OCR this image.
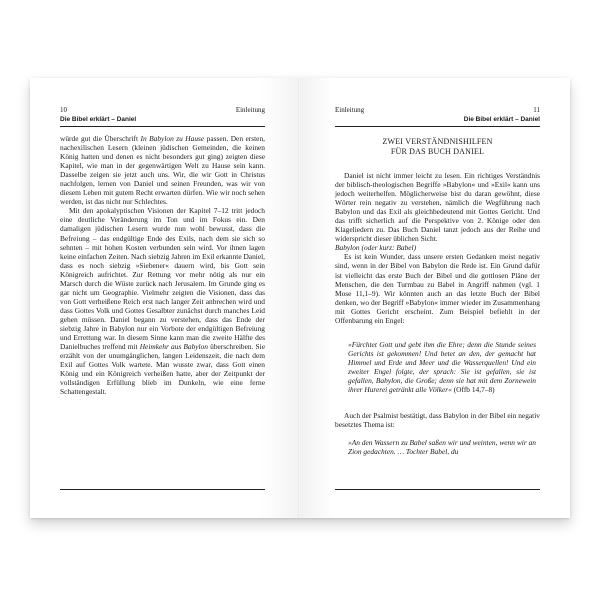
10	Einleitung
Die Bibel erklärt – Daniel

würde gut die Überschrift In Babylon zu Hause passen. Den ersten, nachexilischen Lesern (kleinen jüdischen Gemeinden, die keinen König hatten und denen es nicht besonders gut ging) zeigten diese Kapitel, wie man in der gegenwärtigen Welt zu Hause sein kann. Dasselbe zeigen sie jetzt auch uns. Wir, die wir Gott in Christus nachfolgen, lernen von Daniel und seinen Freunden, was wir von diesem Leben mit gutem Recht erwarten dürfen. Wie wir noch sehen werden, ist das nicht nur Schlechtes.

Mit den apokalyptischen Visionen der Kapitel 7–12 tritt jedoch eine deutliche Veränderung im Ton und im Fokus ein. Den damaligen jüdischen Lesern wurde nun wohl bewusst, dass die Befreiung – das endgültige Ende des Exils, nach dem sie sich so sehnten – mit hohen Kosten verbunden sein wird. Vor ihnen lagen keine einfachen Zeiten. Nach siebzig Jahren im Exil erkannte Daniel, dass es noch siebzig »Siebener« dauern wird, bis Gott sein Königreich aufrichtet. Zur Rettung vor mehr nötig als nur ein Marsch durch die Wüste zurück nach Jerusalem. Im Grunde ging es gar nicht um Geographie. Vielmehr zeigten die Visionen, dass das von Gott verheißene Reich erst nach langer Zeit anbrechen wird und dass Gottes Volk und Gottes Gesalbter zunächst durch manches Leid gehen müssen. Daniel begann zu verstehen, dass das Ende der siebzig Jahre in Babylon nur ein Vorbote der endgültigen Befreiung und Errettung war. In diesem Sinne kann man die zweite Hälfte des Danielbuches treffend mit Heimkehr aus Babylon überschreiben. Sie erzählt von der unumgänglichen, langen Leidenszeit, die nach dem Exil auf Gottes Volk wartete. Man wusste zwar, dass Gott einen König und ein Königreich verheißen hatte, aber der Zeitpunkt der vollständigen Erfüllung blieb im Dunkeln, wie eine ferne Schattengestalt.

Einleitung	11
Die Bibel erklärt – Daniel
ZWEI VERSTÄNDNISHILFEN
FÜR DAS BUCH DANIEL

Daniel ist nicht immer leicht zu lesen. Ein richtiges Verständnis der biblisch-theologischen Begriffe »Babylon« und »Exil« kann uns jedoch weiterhelfen. Möglicherweise bist du daran gewöhnt, diese Wörter rein negativ zu verstehen, nämlich die Wegführung nach Babylon und das Exil als gleichbedeutend mit Gottes Gericht. Und das trifft sicherlich auf die Perspektive von 2. Könige oder den Klageliedern zu. Das Buch Daniel tanzt jedoch aus der Reihe und widerspricht dieser üblichen Sicht.

Babylon (oder kurz: Babel)

Es ist kein Wunder, dass unsere ersten Gedanken meist negativ sind, wenn in der Bibel von Babylon die Rede ist. Ein Grund dafür ist vielleicht das erste Buch der Bibel und die gottlosen Pläne der Menschen, die den Turmbau zu Babel in Angriff nahmen (vgl. 1 Mose 11,1–9). Wir könnten auch an das letzte Buch der Bibel denken, wo der Begriff »Babylon« immer wieder im Zusammenhang mit Gottes Gericht erscheint. Zum Beispiel befiehlt in der Offenbarung ein Engel:

»Fürchtet Gott und gebt ihm die Ehre; denn die Stunde seines Gerichts ist gekommen! Und betet an den, der gemacht hat Himmel und Erde und Meer und die Wasserquellen! Und ein zweiter Engel folgte, der sprach: Sie ist gefallen, sie ist gefallen, Babylon, die Große; denn sie hat mit dem Zornewein ihrer Hurerei getränkt alle Völker« (Offb 14,7–8)

Auch der Psalmist bestätigt, dass Babylon in der Bibel ein negativ besetztes Thema ist:

»An den Wassern zu Babel saßen wir und weinten, wenn wir an Zion gedachten. … Tochter Babel, du
